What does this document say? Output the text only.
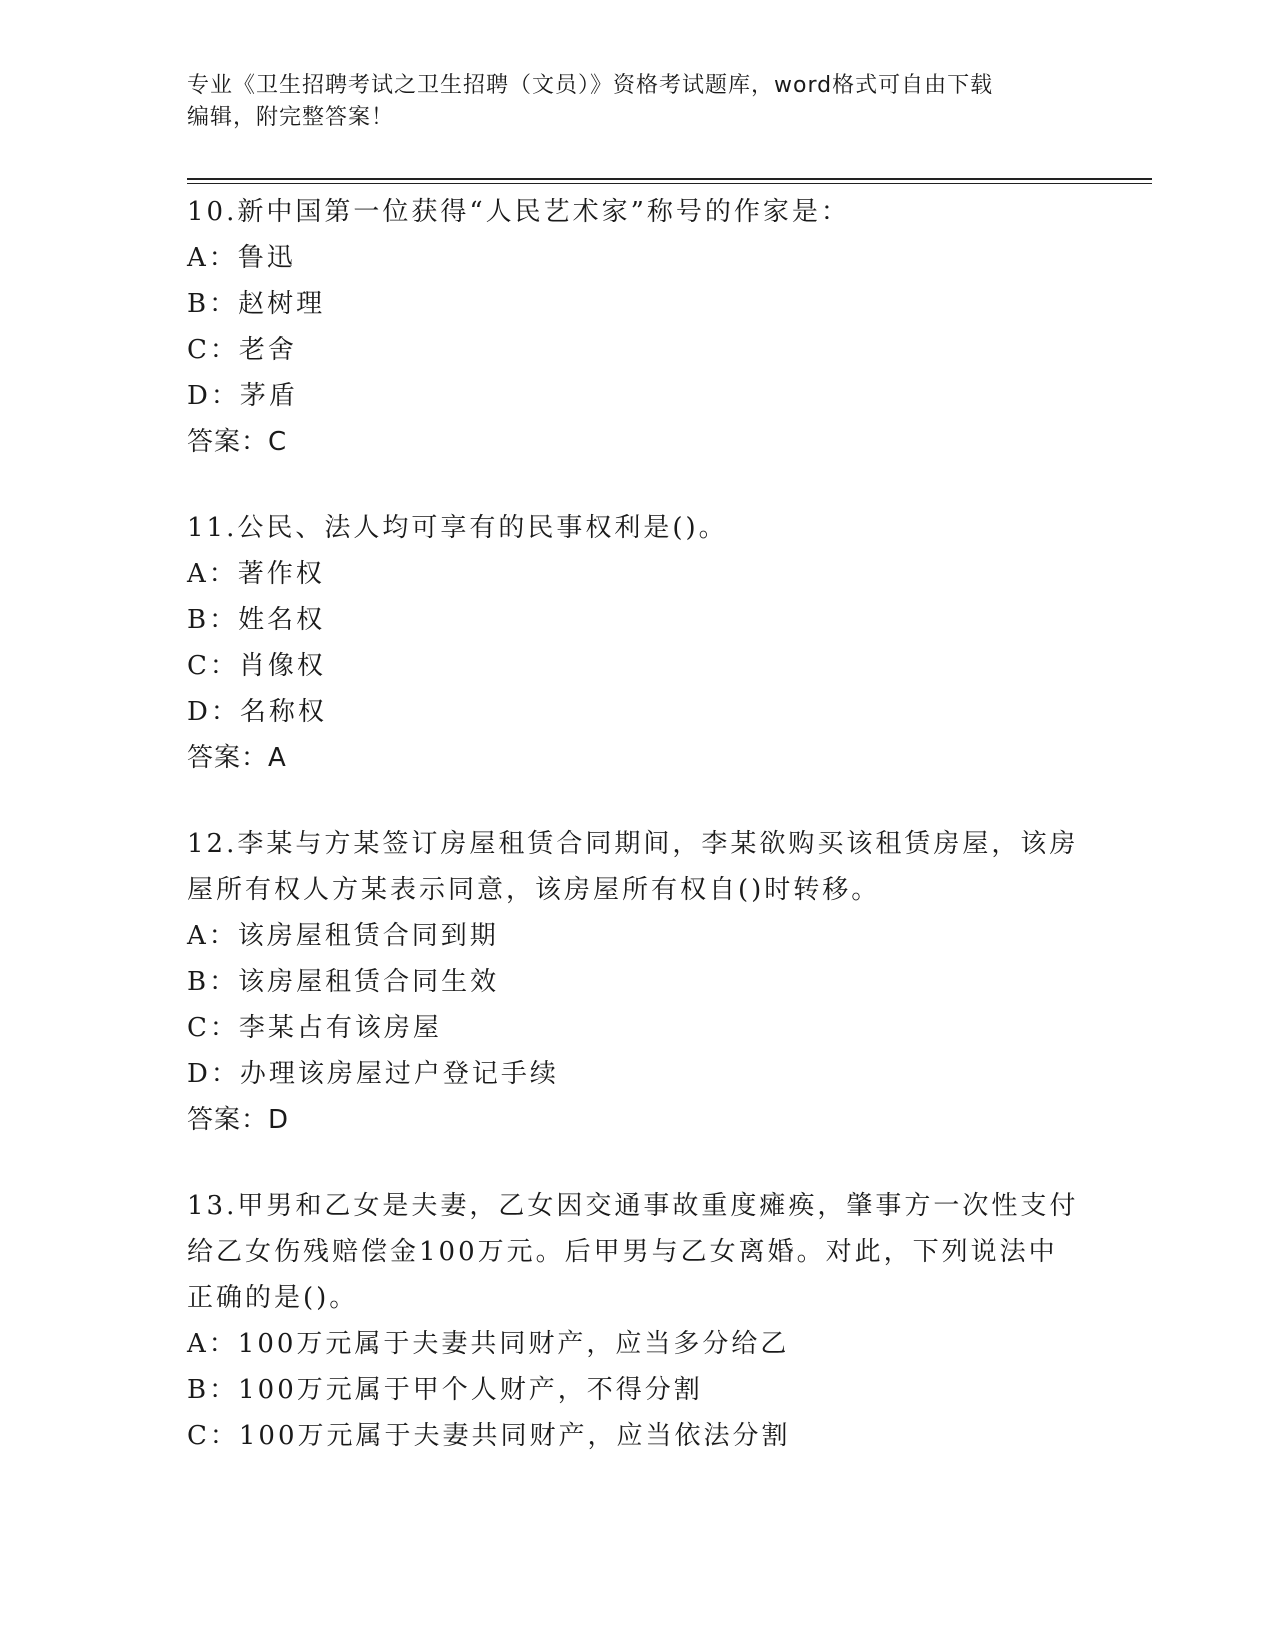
专业《卫生招聘考试之卫生招聘（文员）》资格考试题库，word格式可自由下载

编辑，附完整答案！

10.新中国第一位获得“人民艺术家”称号的作家是：
A：鲁迅
B：赵树理
C：老舍
D：茅盾
答案：C
11.公民、法人均可享有的民事权利是()。
A：著作权
B：姓名权
C：肖像权
D：名称权
答案：A
12.李某与方某签订房屋租赁合同期间，李某欲购买该租赁房屋，该房
屋所有权人方某表示同意，该房屋所有权自()时转移。
A：该房屋租赁合同到期
B：该房屋租赁合同生效
C：李某占有该房屋
D：办理该房屋过户登记手续
答案：D
13.甲男和乙女是夫妻，乙女因交通事故重度瘫痪，肇事方一次性支付
给乙女伤残赔偿金100万元。后甲男与乙女离婚。对此，下列说法中
正确的是()。
A：100万元属于夫妻共同财产，应当多分给乙
B：100万元属于甲个人财产，不得分割
C：100万元属于夫妻共同财产，应当依法分割
